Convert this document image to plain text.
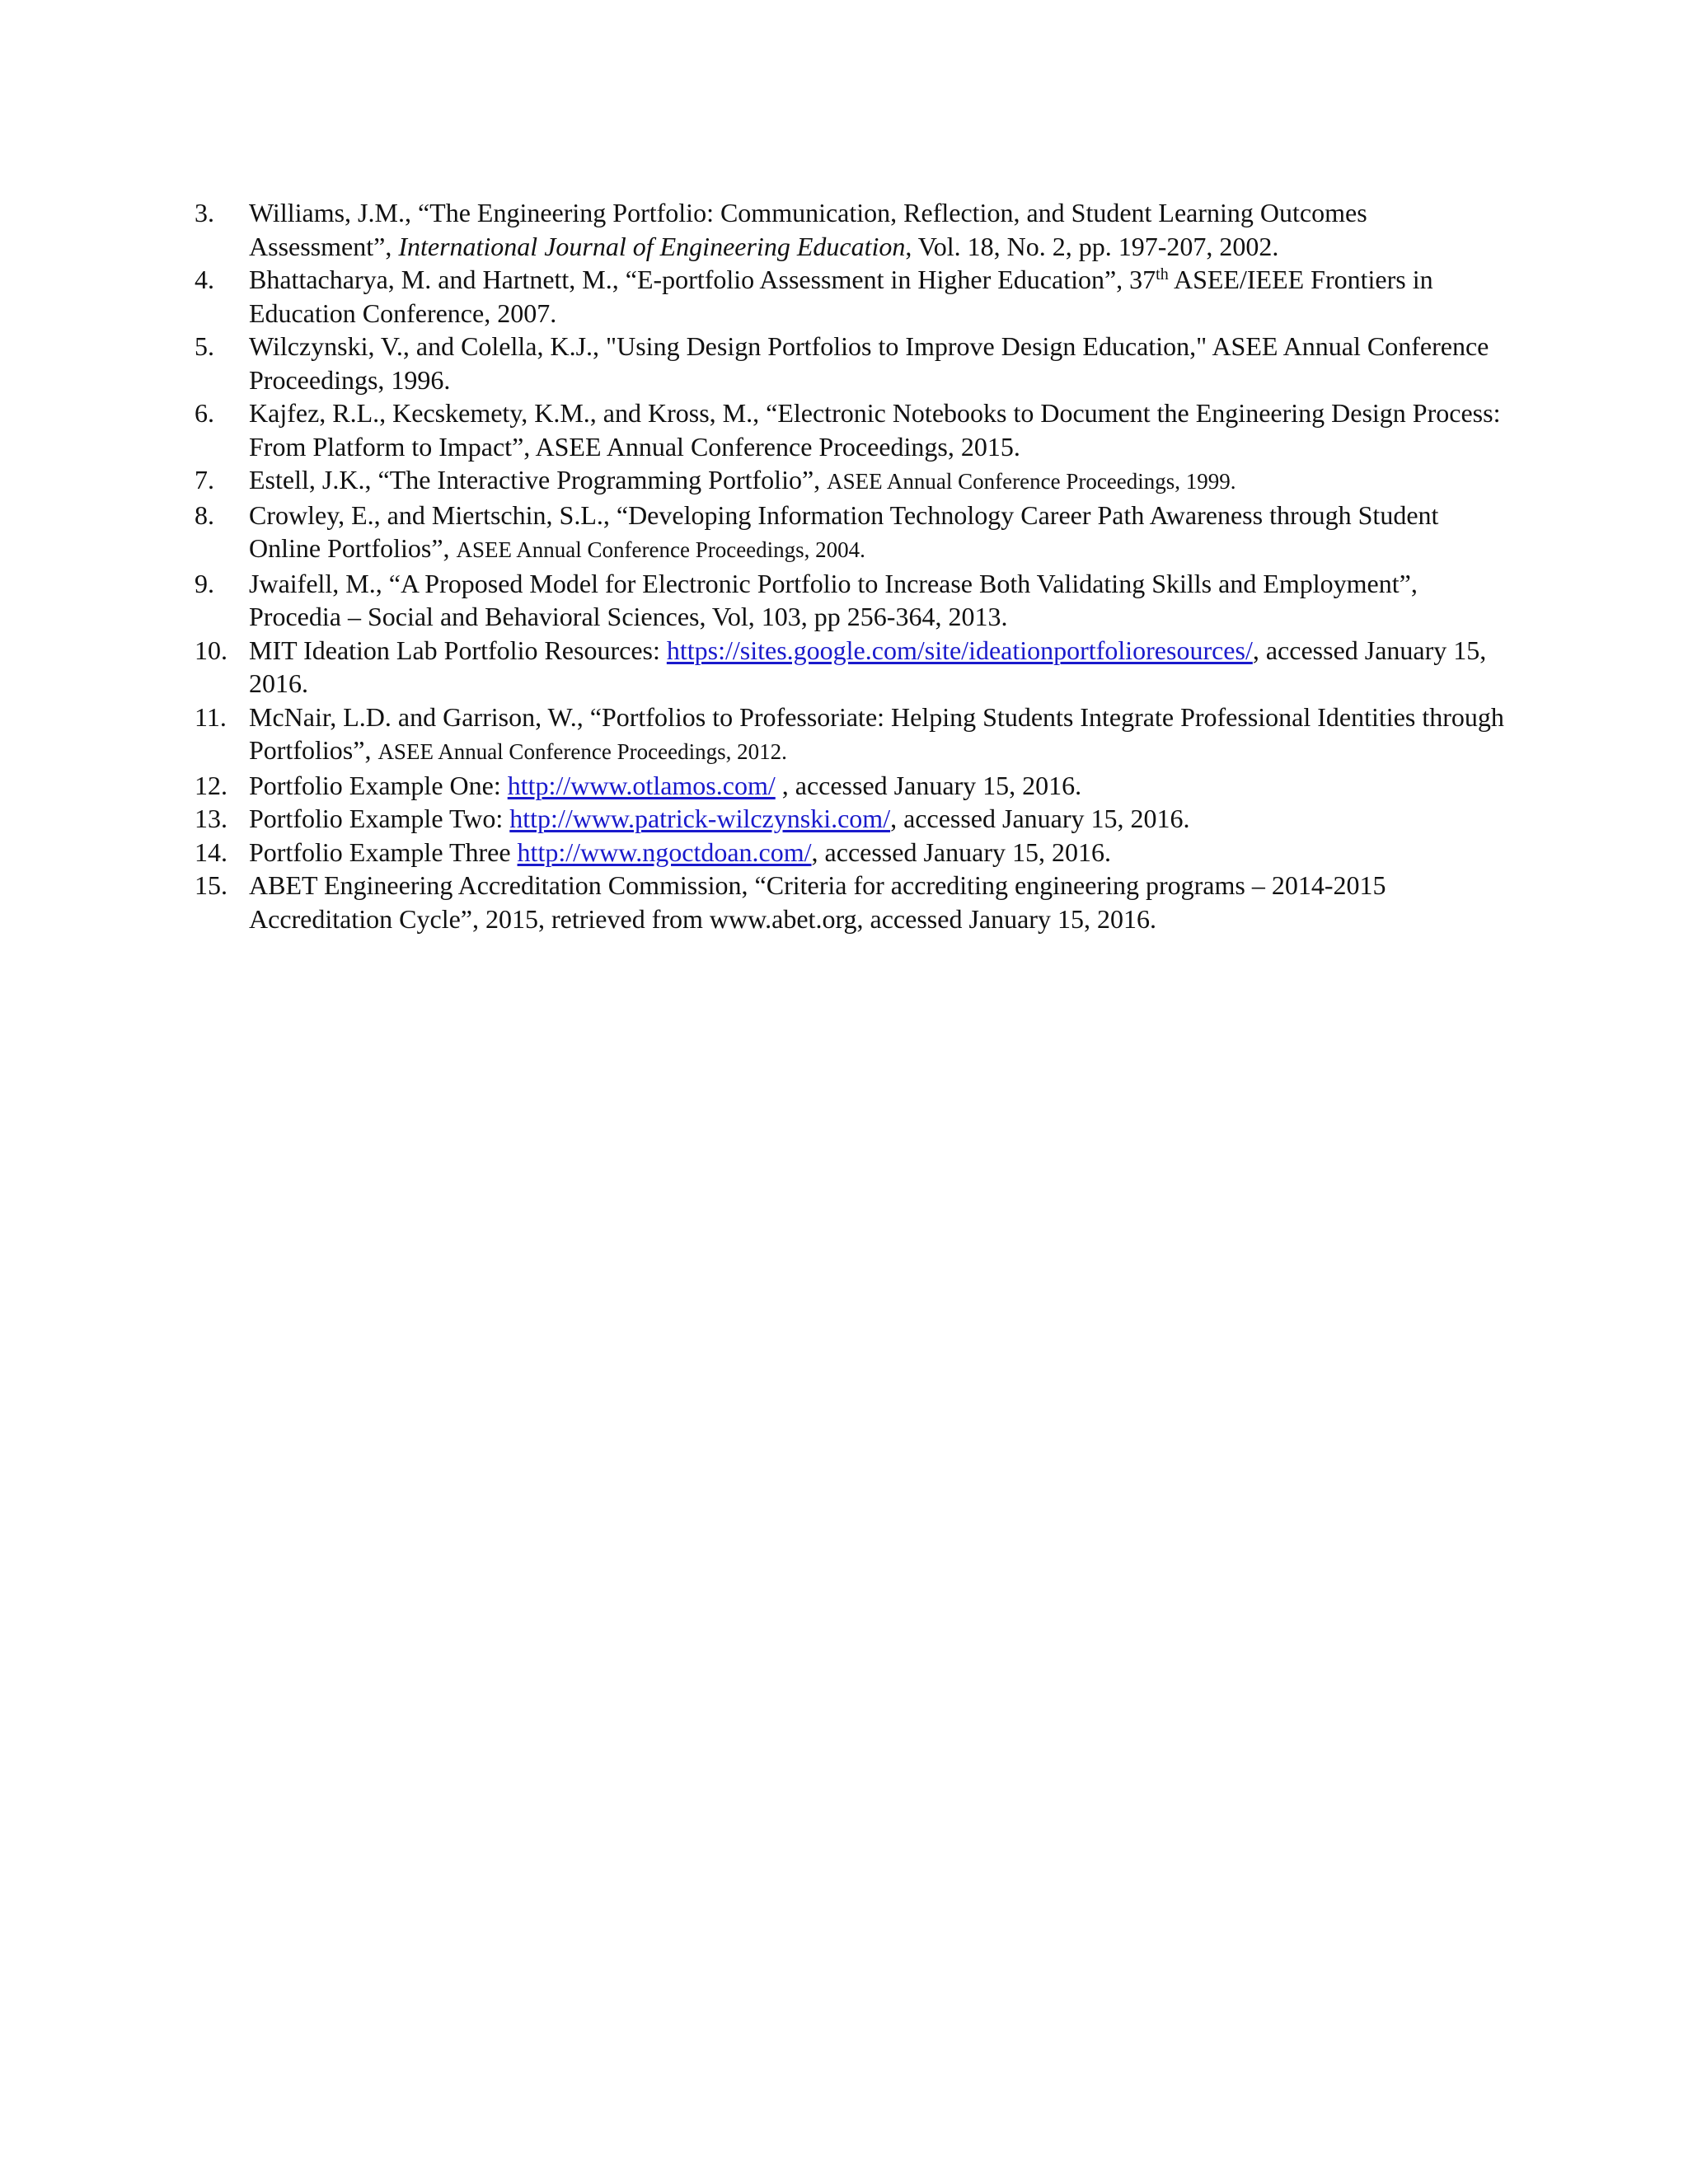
3. Williams, J.M., “The Engineering Portfolio: Communication, Reflection, and Student Learning Outcomes Assessment”, International Journal of Engineering Education, Vol. 18, No. 2, pp. 197-207, 2002.
4. Bhattacharya, M. and Hartnett, M., “E-portfolio Assessment in Higher Education”, 37th ASEE/IEEE Frontiers in Education Conference, 2007.
5. Wilczynski, V., and Colella, K.J., "Using Design Portfolios to Improve Design Education," ASEE Annual Conference Proceedings, 1996.
6. Kajfez, R.L., Kecskemety, K.M., and Kross, M., “Electronic Notebooks to Document the Engineering Design Process: From Platform to Impact”, ASEE Annual Conference Proceedings, 2015.
7. Estell, J.K., “The Interactive Programming Portfolio”, ASEE Annual Conference Proceedings, 1999.
8. Crowley, E., and Miertschin, S.L., “Developing Information Technology Career Path Awareness through Student Online Portfolios”, ASEE Annual Conference Proceedings, 2004.
9. Jwaifell, M., “A Proposed Model for Electronic Portfolio to Increase Both Validating Skills and Employment”, Procedia – Social and Behavioral Sciences, Vol, 103, pp 256-364, 2013.
10. MIT Ideation Lab Portfolio Resources: https://sites.google.com/site/ideationportfolioresources/, accessed January 15, 2016.
11. McNair, L.D. and Garrison, W., “Portfolios to Professoriate: Helping Students Integrate Professional Identities through Portfolios”, ASEE Annual Conference Proceedings, 2012.
12. Portfolio Example One: http://www.otlamos.com/ , accessed January 15, 2016.
13. Portfolio Example Two: http://www.patrick-wilczynski.com/, accessed January 15, 2016.
14. Portfolio Example Three http://www.ngoctdoan.com/, accessed January 15, 2016.
15. ABET Engineering Accreditation Commission, “Criteria for accrediting engineering programs – 2014-2015 Accreditation Cycle”, 2015, retrieved from www.abet.org, accessed January 15, 2016.
